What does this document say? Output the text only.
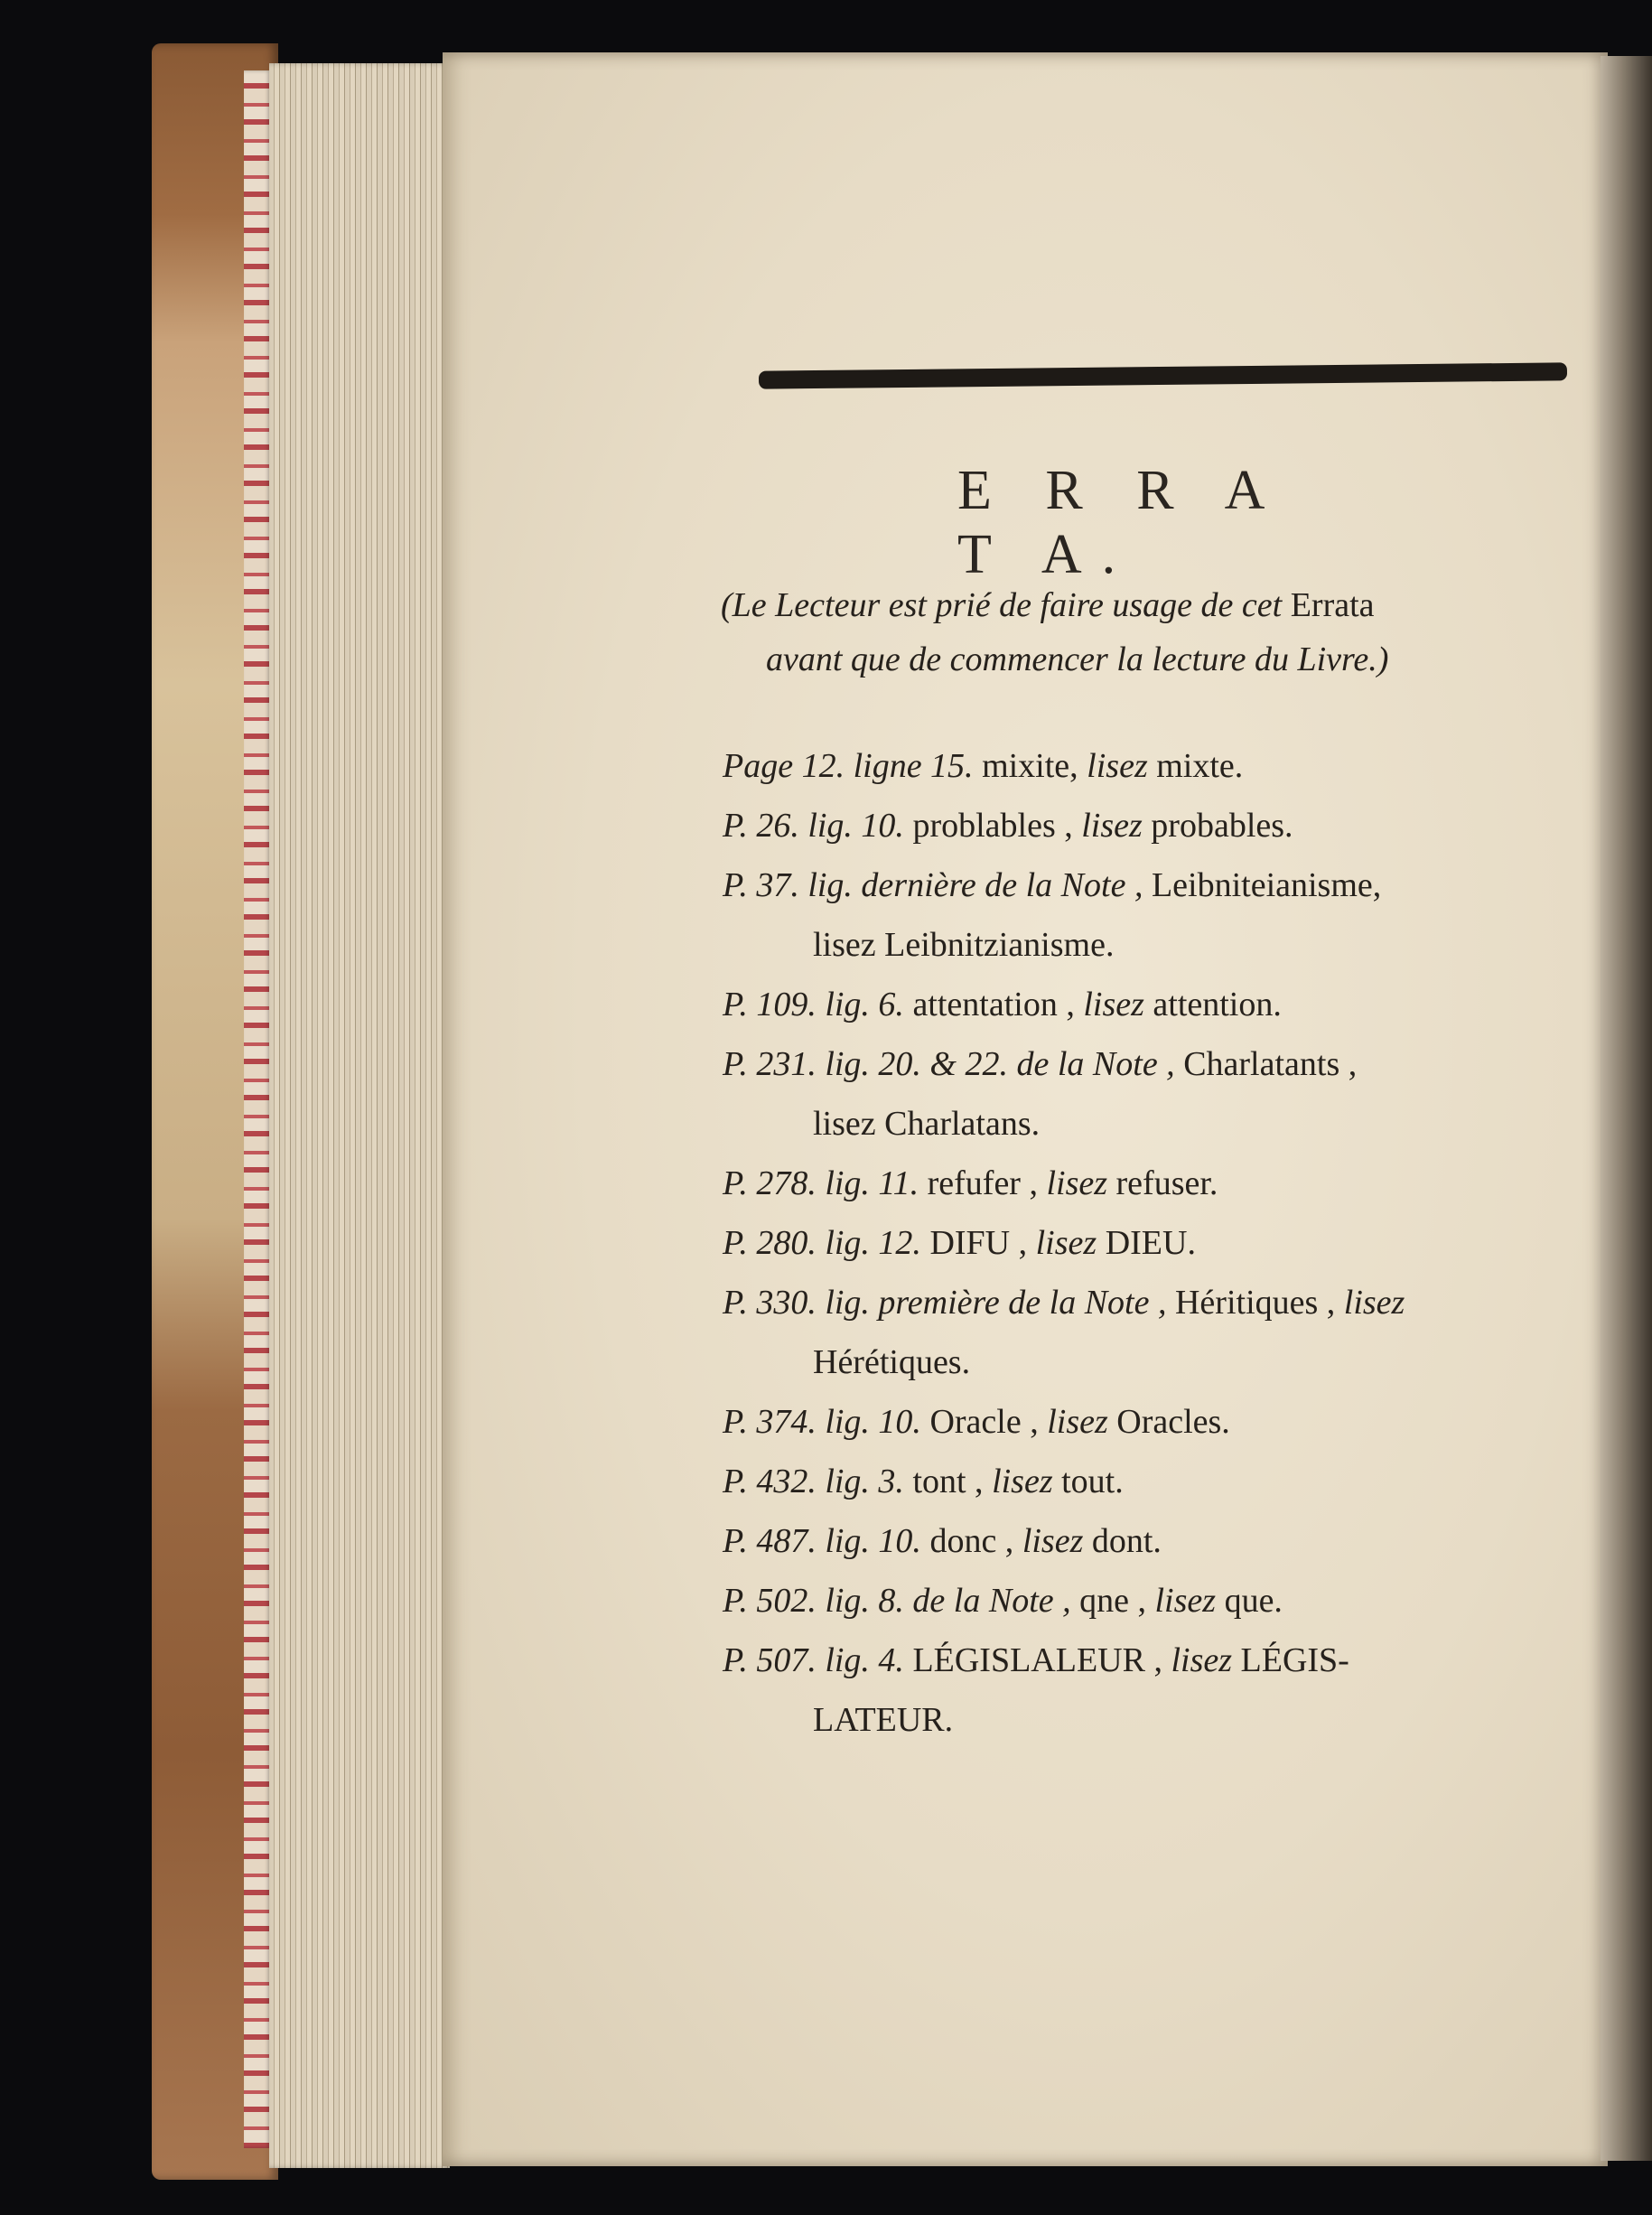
E R R A T A.
(Le Lecteur est prié de faire usage de cet Errata
avant que de commencer la lecture du Livre.)
Page 12. ligne 15. mixite, lisez mixte.
P. 26. lig. 10. problables , lisez probables.
P. 37. lig. dernière de la Note , Leibniteianisme,
lisez Leibnitzianisme.
P. 109. lig. 6. attentation , lisez attention.
P. 231. lig. 20. & 22. de la Note , Charlatants ,
lisez Charlatans.
P. 278. lig. 11. refufer , lisez refuser.
P. 280. lig. 12. DIFU , lisez DIEU.
P. 330. lig. première de la Note , Héritiques , lisez
Hérétiques.
P. 374. lig. 10. Oracle , lisez Oracles.
P. 432. lig. 3. tont , lisez tout.
P. 487. lig. 10. donc , lisez dont.
P. 502. lig. 8. de la Note , qne , lisez que.
P. 507. lig. 4. LÉGISLALEUR , lisez LÉGIS-
LATEUR.
